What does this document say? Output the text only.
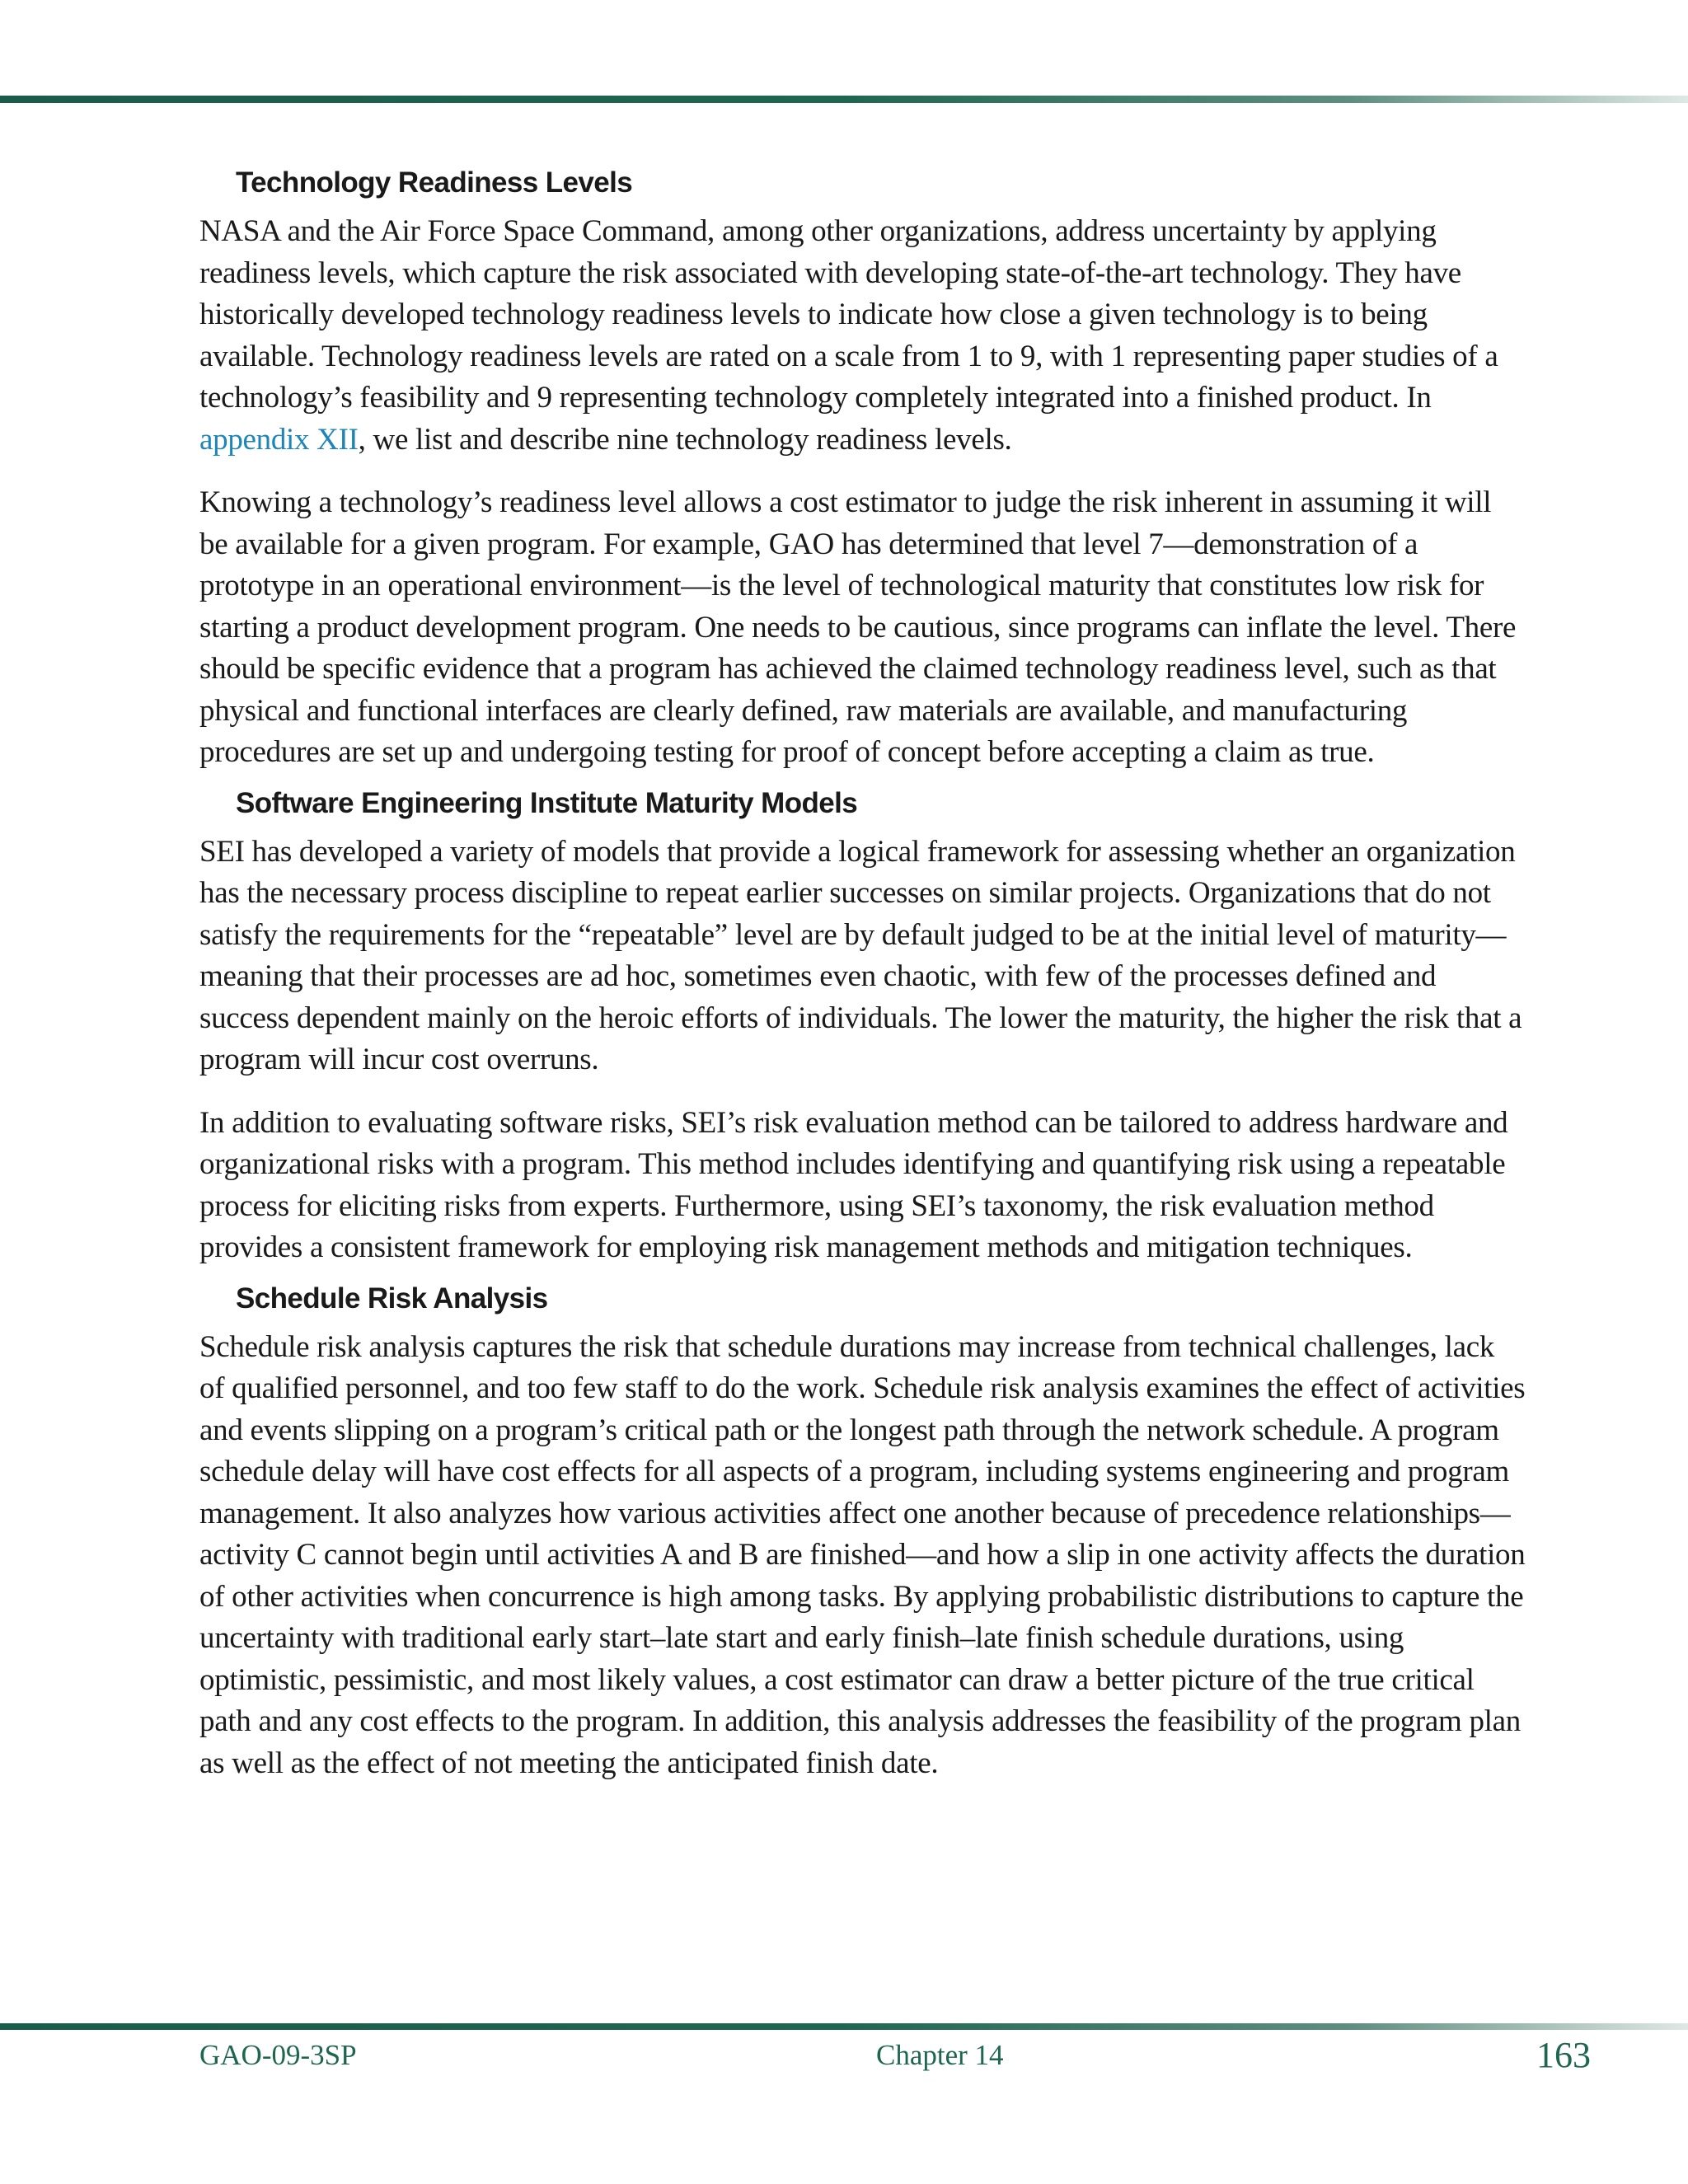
Technology Readiness Levels

NASA and the Air Force Space Command, among other organizations, address uncertainty by applying readiness levels, which capture the risk associated with developing state-of-the-art technology. They have historically developed technology readiness levels to indicate how close a given technology is to being available. Technology readiness levels are rated on a scale from 1 to 9, with 1 representing paper studies of a technology’s feasibility and 9 representing technology completely integrated into a finished product. In appendix XII, we list and describe nine technology readiness levels.

Knowing a technology’s readiness level allows a cost estimator to judge the risk inherent in assuming it will be available for a given program. For example, GAO has determined that level 7—demonstration of a prototype in an operational environment—is the level of technological maturity that constitutes low risk for starting a product development program. One needs to be cautious, since programs can inflate the level. There should be specific evidence that a program has achieved the claimed technology readiness level, such as that physical and functional interfaces are clearly defined, raw materials are available, and manufacturing procedures are set up and undergoing testing for proof of concept before accepting a claim as true.

Software Engineering Institute Maturity Models

SEI has developed a variety of models that provide a logical framework for assessing whether an organization has the necessary process discipline to repeat earlier successes on similar projects. Organizations that do not satisfy the requirements for the “repeatable” level are by default judged to be at the initial level of maturity—meaning that their processes are ad hoc, sometimes even chaotic, with few of the processes defined and success dependent mainly on the heroic efforts of individuals. The lower the maturity, the higher the risk that a program will incur cost overruns.

In addition to evaluating software risks, SEI’s risk evaluation method can be tailored to address hardware and organizational risks with a program. This method includes identifying and quantifying risk using a repeatable process for eliciting risks from experts. Furthermore, using SEI’s taxonomy, the risk evaluation method provides a consistent framework for employing risk management methods and mitigation techniques.

Schedule Risk Analysis

Schedule risk analysis captures the risk that schedule durations may increase from technical challenges, lack of qualified personnel, and too few staff to do the work. Schedule risk analysis examines the effect of activities and events slipping on a program’s critical path or the longest path through the network schedule. A program schedule delay will have cost effects for all aspects of a program, including systems engineering and program management. It also analyzes how various activities affect one another because of precedence relationships—activity C cannot begin until activities A and B are finished—and how a slip in one activity affects the duration of other activities when concurrence is high among tasks. By applying probabilistic distributions to capture the uncertainty with traditional early start–late start and early finish–late finish schedule durations, using optimistic, pessimistic, and most likely values, a cost estimator can draw a better picture of the true critical path and any cost effects to the program. In addition, this analysis addresses the feasibility of the program plan as well as the effect of not meeting the anticipated finish date.

GAO-09-3SP	Chapter 14	163
